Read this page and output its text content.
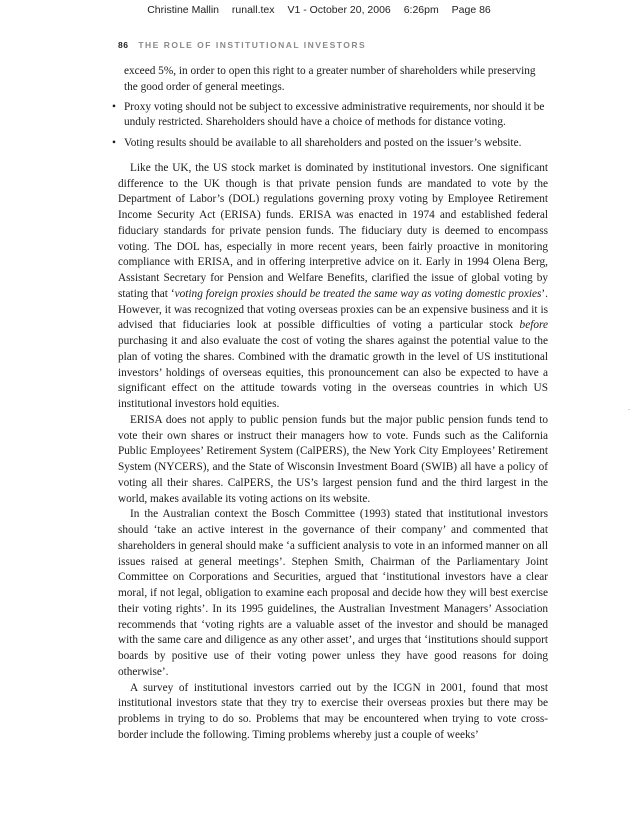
Christine Mallin runall.tex V1 - October 20, 2006 6:26pm Page 86
86 THE ROLE OF INSTITUTIONAL INVESTORS
exceed 5%, in order to open this right to a greater number of shareholders while preserving the good order of general meetings.
• Proxy voting should not be subject to excessive administrative requirements, nor should it be unduly restricted. Shareholders should have a choice of methods for distance voting.
• Voting results should be available to all shareholders and posted on the issuer’s website.

Like the UK, the US stock market is dominated by institutional investors. One significant difference to the UK though is that private pension funds are mandated to vote by the Department of Labor’s (DOL) regulations governing proxy voting by Employee Retirement Income Security Act (ERISA) funds. ERISA was enacted in 1974 and established federal fiduciary standards for private pension funds. The fiduciary duty is deemed to encompass voting. The DOL has, especially in more recent years, been fairly proactive in monitoring compliance with ERISA, and in offering interpretive advice on it. Early in 1994 Olena Berg, Assistant Secretary for Pension and Welfare Benefits, clarified the issue of global voting by stating that ‘voting foreign proxies should be treated the same way as voting domestic proxies’. However, it was recognized that voting overseas proxies can be an expensive business and it is advised that fiduciaries look at possible difficulties of voting a particular stock before purchasing it and also evaluate the cost of voting the shares against the potential value to the plan of voting the shares. Combined with the dramatic growth in the level of US institutional investors’ holdings of overseas equities, this pronouncement can also be expected to have a significant effect on the attitude towards voting in the overseas countries in which US institutional investors hold equities.

ERISA does not apply to public pension funds but the major public pension funds tend to vote their own shares or instruct their managers how to vote. Funds such as the California Public Employees’ Retirement System (CalPERS), the New York City Employees’ Retirement System (NYCERS), and the State of Wisconsin Investment Board (SWIB) all have a policy of voting all their shares. CalPERS, the US’s largest pension fund and the third largest in the world, makes available its voting actions on its website.

In the Australian context the Bosch Committee (1993) stated that institutional investors should ‘take an active interest in the governance of their company’ and commented that shareholders in general should make ‘a sufficient analysis to vote in an informed manner on all issues raised at general meetings’. Stephen Smith, Chairman of the Parliamentary Joint Committee on Corporations and Securities, argued that ‘institutional investors have a clear moral, if not legal, obligation to examine each proposal and decide how they will best exercise their voting rights’. In its 1995 guidelines, the Australian Investment Managers’ Association recommends that ‘voting rights are a valuable asset of the investor and should be managed with the same care and diligence as any other asset’, and urges that ‘institutions should support boards by positive use of their voting power unless they have good reasons for doing otherwise’.

A survey of institutional investors carried out by the ICGN in 2001, found that most institutional investors state that they try to exercise their overseas proxies but there may be problems in trying to do so. Problems that may be encountered when trying to vote cross-border include the following. Timing problems whereby just a couple of weeks’

.
